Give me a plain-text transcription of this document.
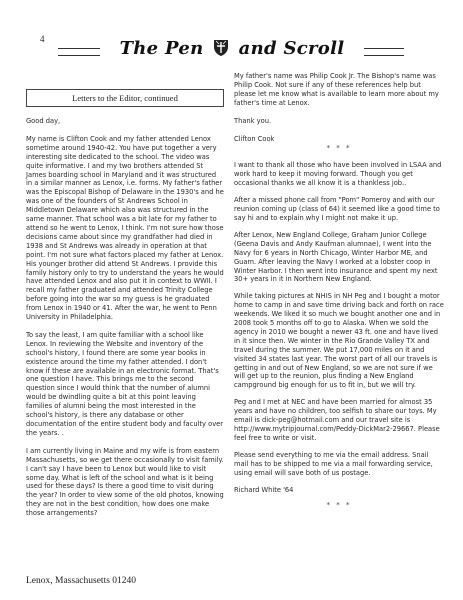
4	The Pen and Scroll
Letters to the Editor, continued

Good day,

My name is Clifton Cook and my father attended Lenox sometime around 1940-42. You have put together a very interesting site dedicated to the school. The video was quite informative. I and my two brothers attended St James boarding school in Maryland and it was structured in a similar manner as Lenox, i.e. forms. My father's father was the Episcopal Bishop of Delaware in the 1930's and he was one of the founders of St Andrews School in Middletown Delaware which also was structured in the same manner. That school was a bit late for my father to attend so he went to Lenox, I think. I'm not sure how those decisions came about since my grandfather had died in 1938 and St Andrews was already in operation at that point. I'm not sure what factors placed my father at Lenox. His younger brother did attend St Andrews. I provide this family history only to try to understand the years he would have attended Lenox and also put it in context to WWII. I recall my father graduated and attended Trinity College before going into the war so my guess is he graduated from Lenox in 1940 or 41. After the war, he went to Penn University in Philadelphia.

To say the least, I am quite familiar with a school like Lenox. In reviewing the Website and inventory of the school's history, I found there are some year books in existence around the time my father attended. I don't know if these are available in an electronic format. That's one question I have. This brings me to the second question since I would think that the number of alumni would be dwindling quite a bit at this point leaving families of alumni being the most interested in the school's history, is there any database or other documentation of the entire student body and faculty over the years. .

I am currently living in Maine and my wife is from eastern Massachusetts, so we get there occasionally to visit family. I can't say I have been to Lenox but would like to visit some day. What is left of the school and what is it being used for these days? Is there a good time to visit during the year? In order to view some of the old photos, knowing they are not in the best condition, how does one make those arrangements?

My father's name was Philip Cook Jr. The Bishop's name was Philip Cook. Not sure if any of these references help but please let me know what is available to learn more about my father's time at Lenox.

Thank you.

Clifton Cook

* * *

I want to thank all those who have been involved in LSAA and work hard to keep it moving forward. Though you get occasional thanks we all know it is a thankless job..

After a missed phone call from "Pom" Pomeroy and with our reunion coming up (class of 64) it seemed like a good time to say hi and to explain why I might not make it up.

After Lenox, New England College, Graham Junior College (Geena Davis and Andy Kaufman alumnae), I went into the Navy for 6 years in North Chicago, Winter Harbor ME, and Guam. After leaving the Navy I worked at a lobster coop in Winter Harbor. I then went into insurance and spent my next 30+ years in it in Northern New England.

While taking pictures at NHIS in NH Peg and I bought a motor home to camp in and save time driving back and forth on race weekends. We liked it so much we bought another one and in 2008 took 5 months off to go to Alaska. When we sold the agency in 2010 we bought a newer 43 ft. one and have lived in it since then. We winter in the Rio Grande Valley TX and travel during the summer. We put 17,000 miles on it and visited 34 states last year. The worst part of all our travels is getting in and out of New England, so we are not sure if we will get up to the reunion, plus finding a New England campground big enough for us to fit in, but we will try.

Peg and I met at NEC and have been married for almost 35 years and have no children, too selfish to share our toys. My email is dick-peg@hotmail.com and our travel site is http://www.mytripjournal.com/Peddy-DickMar2-29667. Please feel free to write or visit.

Please send everything to me via the email address. Snail mail has to be shipped to me via a mail forwarding service, using email will save both of us postage.

Richard White '64

* * *
Lenox, Massachusetts 01240
